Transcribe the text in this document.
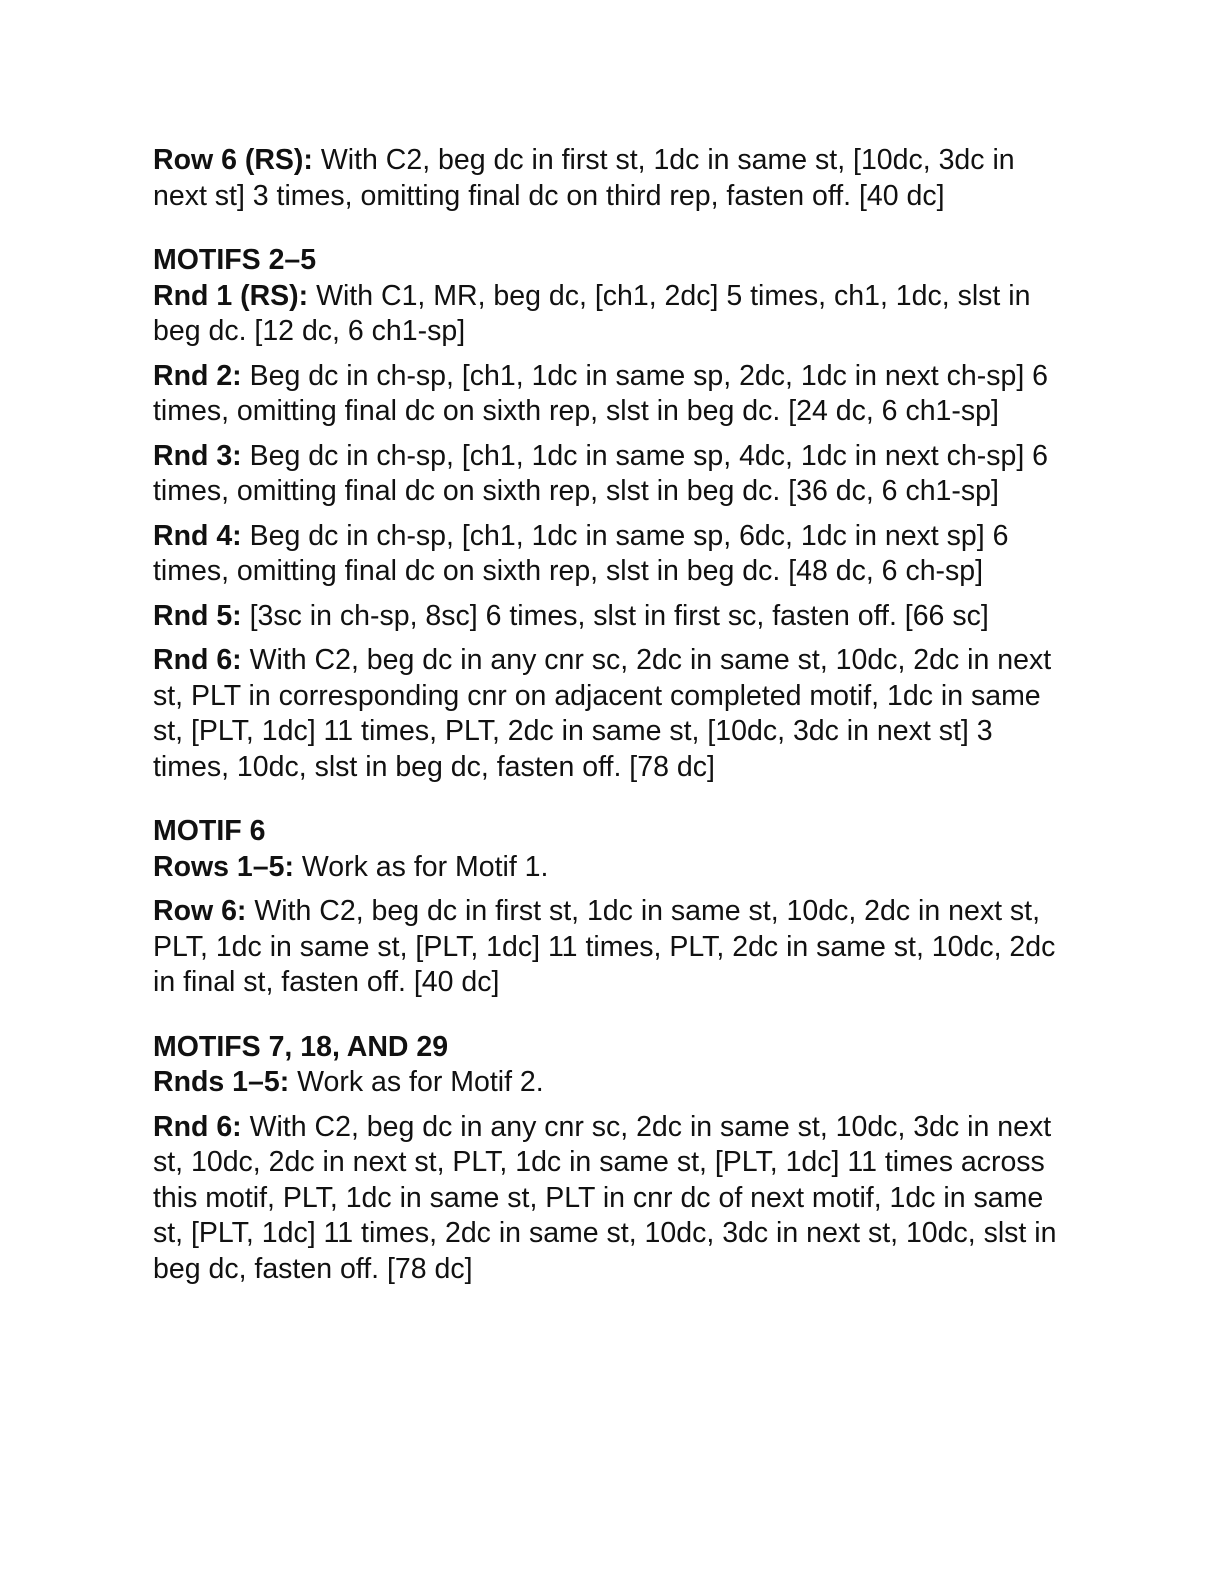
Row 6 (RS): With C2, beg dc in first st, 1dc in same st, [10dc, 3dc in next st] 3 times, omitting final dc on third rep, fasten off. [40 dc]

MOTIFS 2–5

Rnd 1 (RS): With C1, MR, beg dc, [ch1, 2dc] 5 times, ch1, 1dc, slst in beg dc. [12 dc, 6 ch1-sp]

Rnd 2: Beg dc in ch-sp, [ch1, 1dc in same sp, 2dc, 1dc in next ch-sp] 6 times, omitting final dc on sixth rep, slst in beg dc. [24 dc, 6 ch1-sp]

Rnd 3: Beg dc in ch-sp, [ch1, 1dc in same sp, 4dc, 1dc in next ch-sp] 6 times, omitting final dc on sixth rep, slst in beg dc. [36 dc, 6 ch1-sp]

Rnd 4: Beg dc in ch-sp, [ch1, 1dc in same sp, 6dc, 1dc in next sp] 6 times, omitting final dc on sixth rep, slst in beg dc. [48 dc, 6 ch-sp]

Rnd 5: [3sc in ch-sp, 8sc] 6 times, slst in first sc, fasten off. [66 sc]

Rnd 6: With C2, beg dc in any cnr sc, 2dc in same st, 10dc, 2dc in next st, PLT in corresponding cnr on adjacent completed motif, 1dc in same st, [PLT, 1dc] 11 times, PLT, 2dc in same st, [10dc, 3dc in next st] 3 times, 10dc, slst in beg dc, fasten off. [78 dc]

MOTIF 6

Rows 1–5: Work as for Motif 1.

Row 6: With C2, beg dc in first st, 1dc in same st, 10dc, 2dc in next st, PLT, 1dc in same st, [PLT, 1dc] 11 times, PLT, 2dc in same st, 10dc, 2dc in final st, fasten off. [40 dc]

MOTIFS 7, 18, AND 29

Rnds 1–5: Work as for Motif 2.

Rnd 6: With C2, beg dc in any cnr sc, 2dc in same st, 10dc, 3dc in next st, 10dc, 2dc in next st, PLT, 1dc in same st, [PLT, 1dc] 11 times across this motif, PLT, 1dc in same st, PLT in cnr dc of next motif, 1dc in same st, [PLT, 1dc] 11 times, 2dc in same st, 10dc, 3dc in next st, 10dc, slst in beg dc, fasten off. [78 dc]
